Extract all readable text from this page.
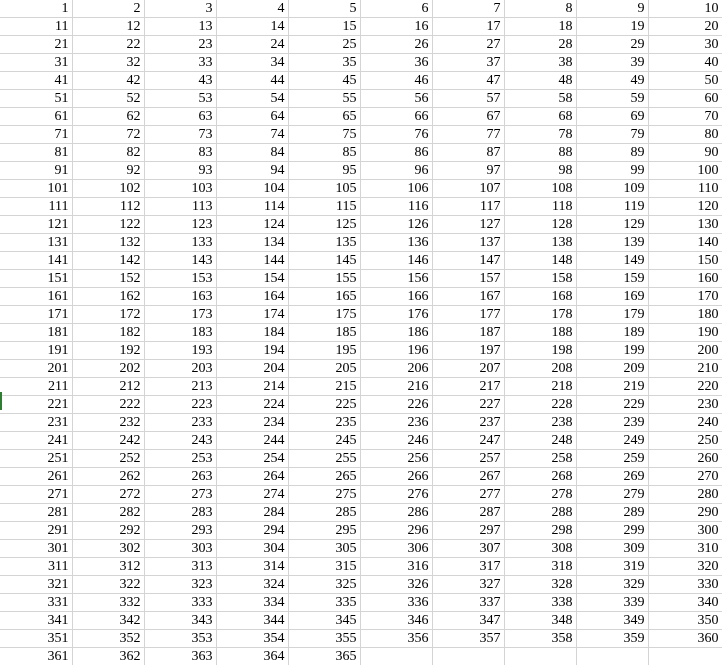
1	2	3	4	5	6	7	8	9	10
11	12	13	14	15	16	17	18	19	20
21	22	23	24	25	26	27	28	29	30
31	32	33	34	35	36	37	38	39	40
41	42	43	44	45	46	47	48	49	50
51	52	53	54	55	56	57	58	59	60
61	62	63	64	65	66	67	68	69	70
71	72	73	74	75	76	77	78	79	80
81	82	83	84	85	86	87	88	89	90
91	92	93	94	95	96	97	98	99	100
101	102	103	104	105	106	107	108	109	110
111	112	113	114	115	116	117	118	119	120
121	122	123	124	125	126	127	128	129	130
131	132	133	134	135	136	137	138	139	140
141	142	143	144	145	146	147	148	149	150
151	152	153	154	155	156	157	158	159	160
161	162	163	164	165	166	167	168	169	170
171	172	173	174	175	176	177	178	179	180
181	182	183	184	185	186	187	188	189	190
191	192	193	194	195	196	197	198	199	200
201	202	203	204	205	206	207	208	209	210
211	212	213	214	215	216	217	218	219	220
221	222	223	224	225	226	227	228	229	230
231	232	233	234	235	236	237	238	239	240
241	242	243	244	245	246	247	248	249	250
251	252	253	254	255	256	257	258	259	260
261	262	263	264	265	266	267	268	269	270
271	272	273	274	275	276	277	278	279	280
281	282	283	284	285	286	287	288	289	290
291	292	293	294	295	296	297	298	299	300
301	302	303	304	305	306	307	308	309	310
311	312	313	314	315	316	317	318	319	320
321	322	323	324	325	326	327	328	329	330
331	332	333	334	335	336	337	338	339	340
341	342	343	344	345	346	347	348	349	350
351	352	353	354	355	356	357	358	359	360
361	362	363	364	365					
